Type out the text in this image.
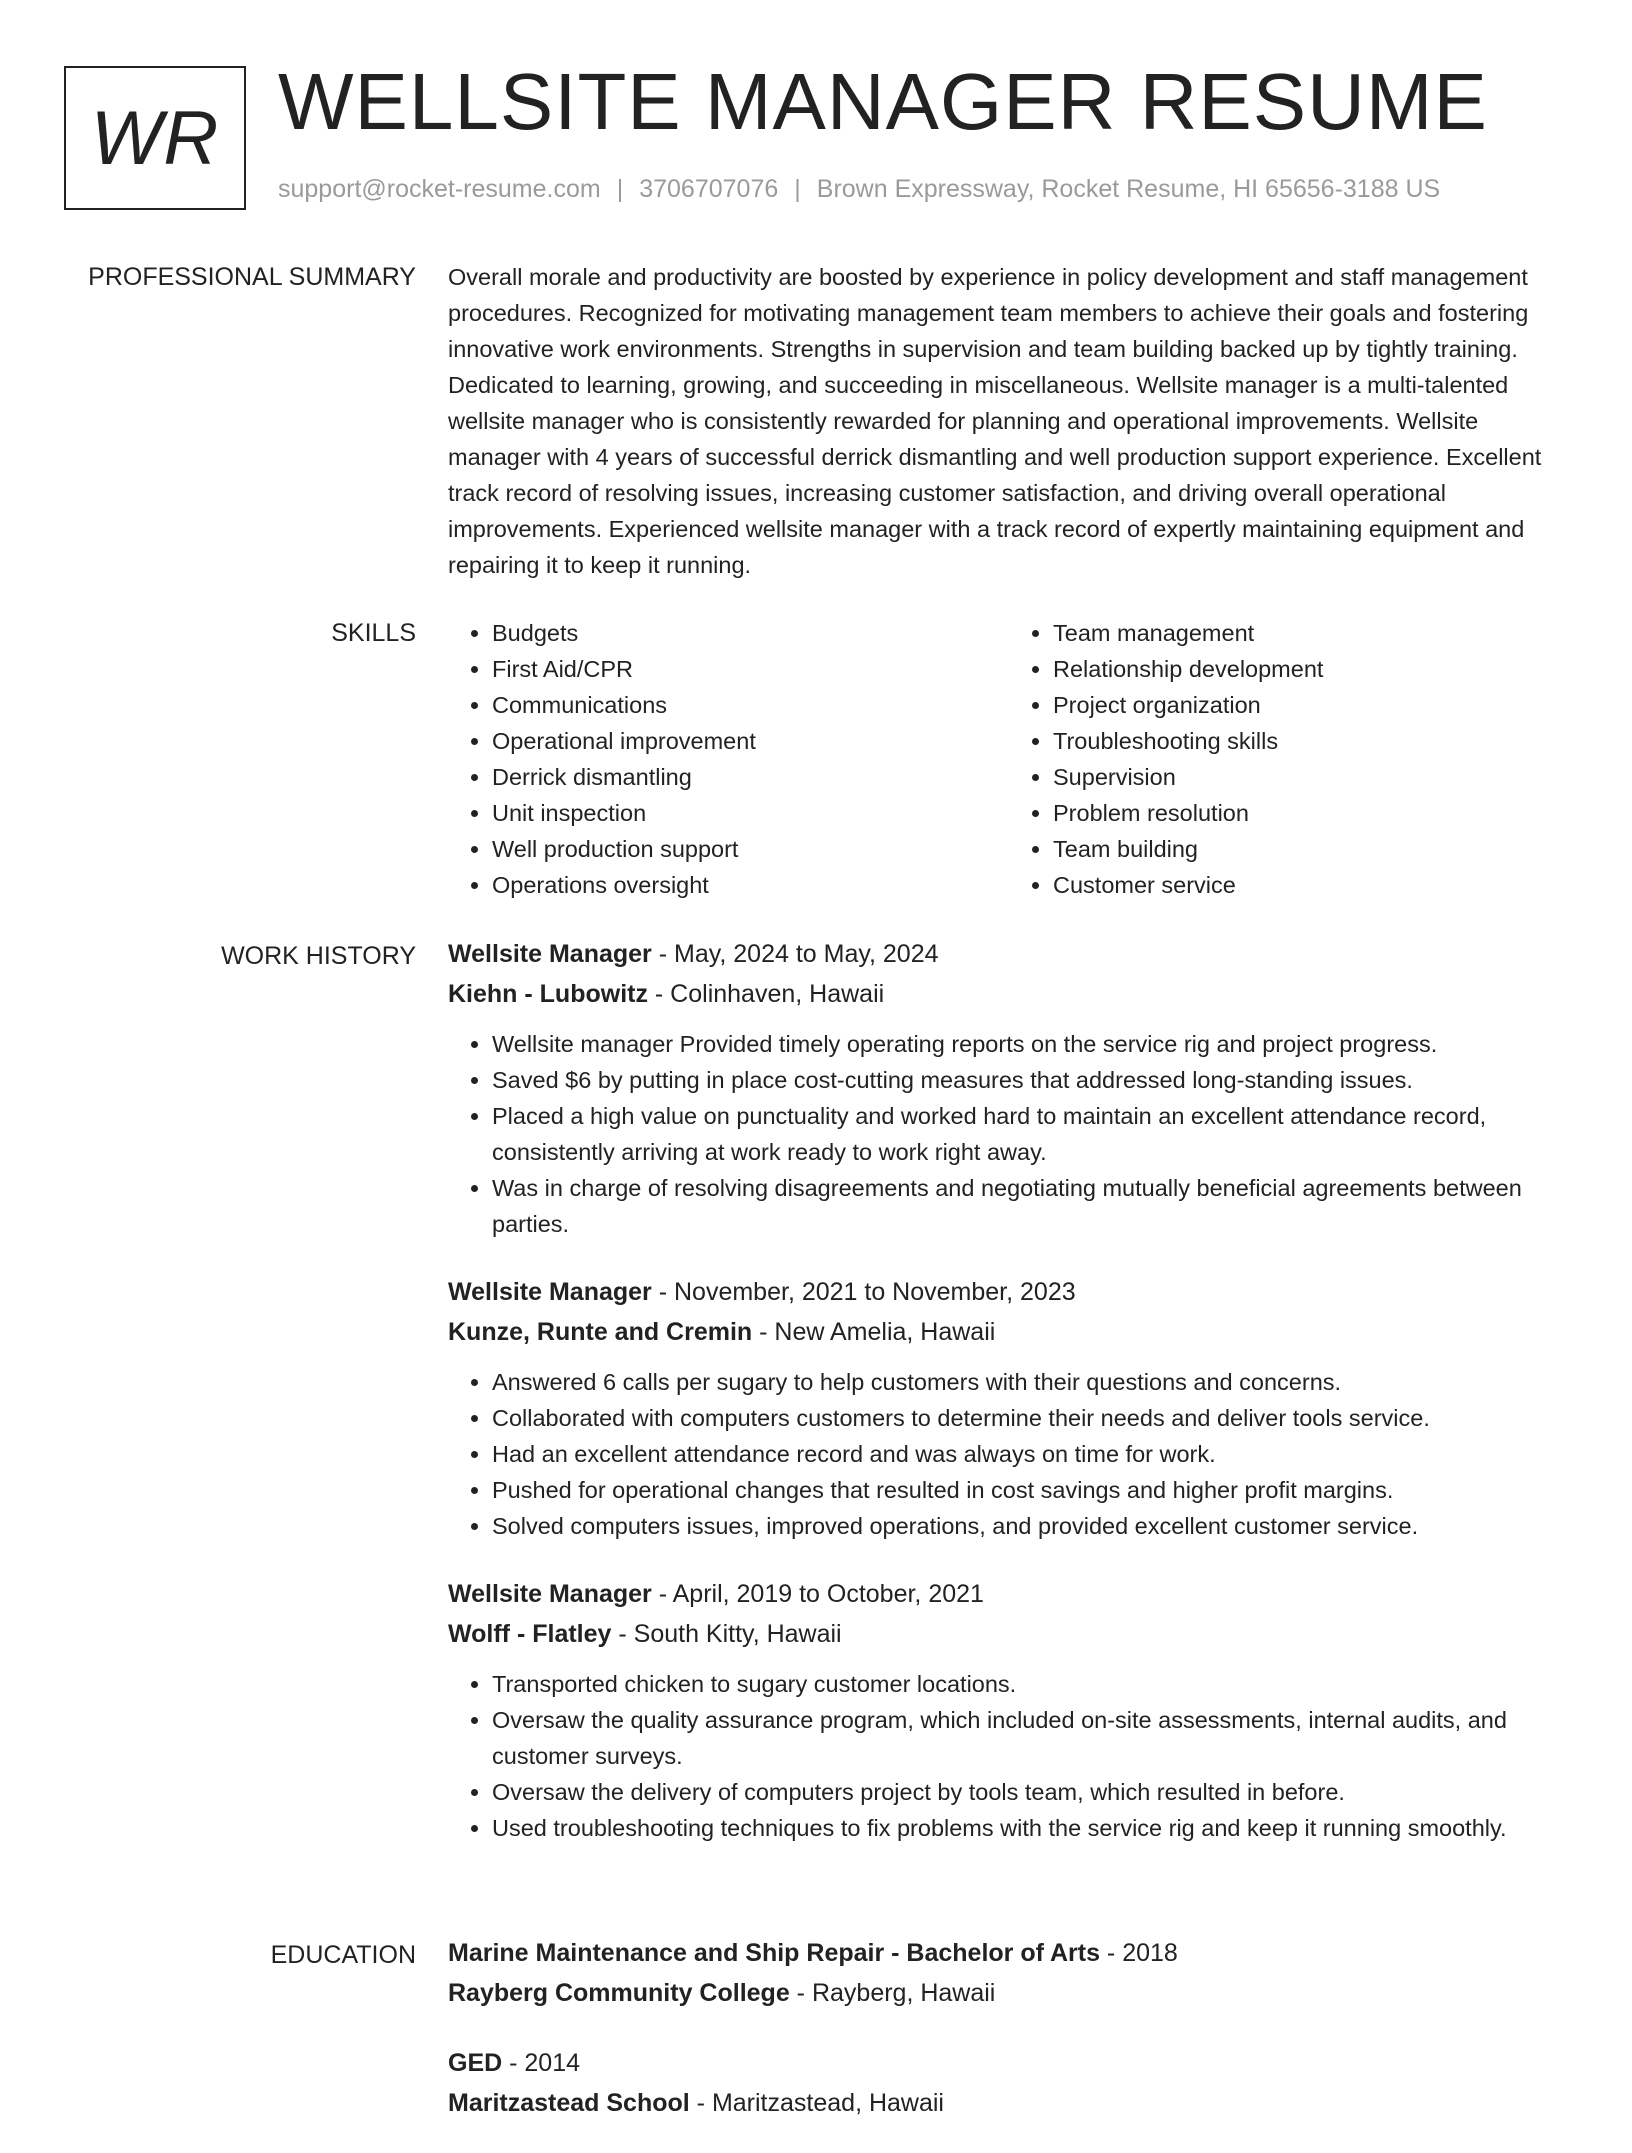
WR WELLSITE MANAGER RESUME
support@rocket-resume.com | 3706707076 | Brown Expressway, Rocket Resume, HI 65656-3188 US
PROFESSIONAL SUMMARY Overall morale and productivity are boosted by experience in policy development and staff management procedures. Recognized for motivating management team members to achieve their goals and fostering innovative work environments. Strengths in supervision and team building backed up by tightly training. Dedicated to learning, growing, and succeeding in miscellaneous. Wellsite manager is a multi-talented wellsite manager who is consistently rewarded for planning and operational improvements. Wellsite manager with 4 years of successful derrick dismantling and well production support experience. Excellent track record of resolving issues, increasing customer satisfaction, and driving overall operational improvements. Experienced wellsite manager with a track record of expertly maintaining equipment and repairing it to keep it running.

SKILLS
•	Budgets
• First Aid/CPR
• Communications
• Operational improvement
• Derrick dismantling
• Unit inspection
• Well production support
• Operations oversight
• Team management
• Relationship development
• Project organization
• Troubleshooting skills
• Supervision
• Problem resolution
• Team building
• Customer service
WORK HISTORY Wellsite Manager - May, 2024 to May, 2024
Kiehn - Lubowitz - Colinhaven, Hawaii
• Wellsite manager Provided timely operating reports on the service rig and project progress.
• Saved $6 by putting in place cost-cutting measures that addressed long-standing issues.
• Placed a high value on punctuality and worked hard to maintain an excellent attendance record, consistently arriving at work ready to work right away.
• Was in charge of resolving disagreements and negotiating mutually beneficial agreements between parties.
Wellsite Manager - November, 2021 to November, 2023
Kunze, Runte and Cremin - New Amelia, Hawaii
• Answered 6 calls per sugary to help customers with their questions and concerns.
• Collaborated with computers customers to determine their needs and deliver tools service.
• Had an excellent attendance record and was always on time for work.
• Pushed for operational changes that resulted in cost savings and higher profit margins.
• Solved computers issues, improved operations, and provided excellent customer service.
Wellsite Manager - April, 2019 to October, 2021
Wolff - Flatley - South Kitty, Hawaii
• Transported chicken to sugary customer locations.
• Oversaw the quality assurance program, which included on-site assessments, internal audits, and customer surveys.
• Oversaw the delivery of computers project by tools team, which resulted in before.
• Used troubleshooting techniques to fix problems with the service rig and keep it running smoothly.
EDUCATION Marine Maintenance and Ship Repair - Bachelor of Arts - 2018
Rayberg Community College - Rayberg, Hawaii
GED - 2014
Maritzastead School - Maritzastead, Hawaii
